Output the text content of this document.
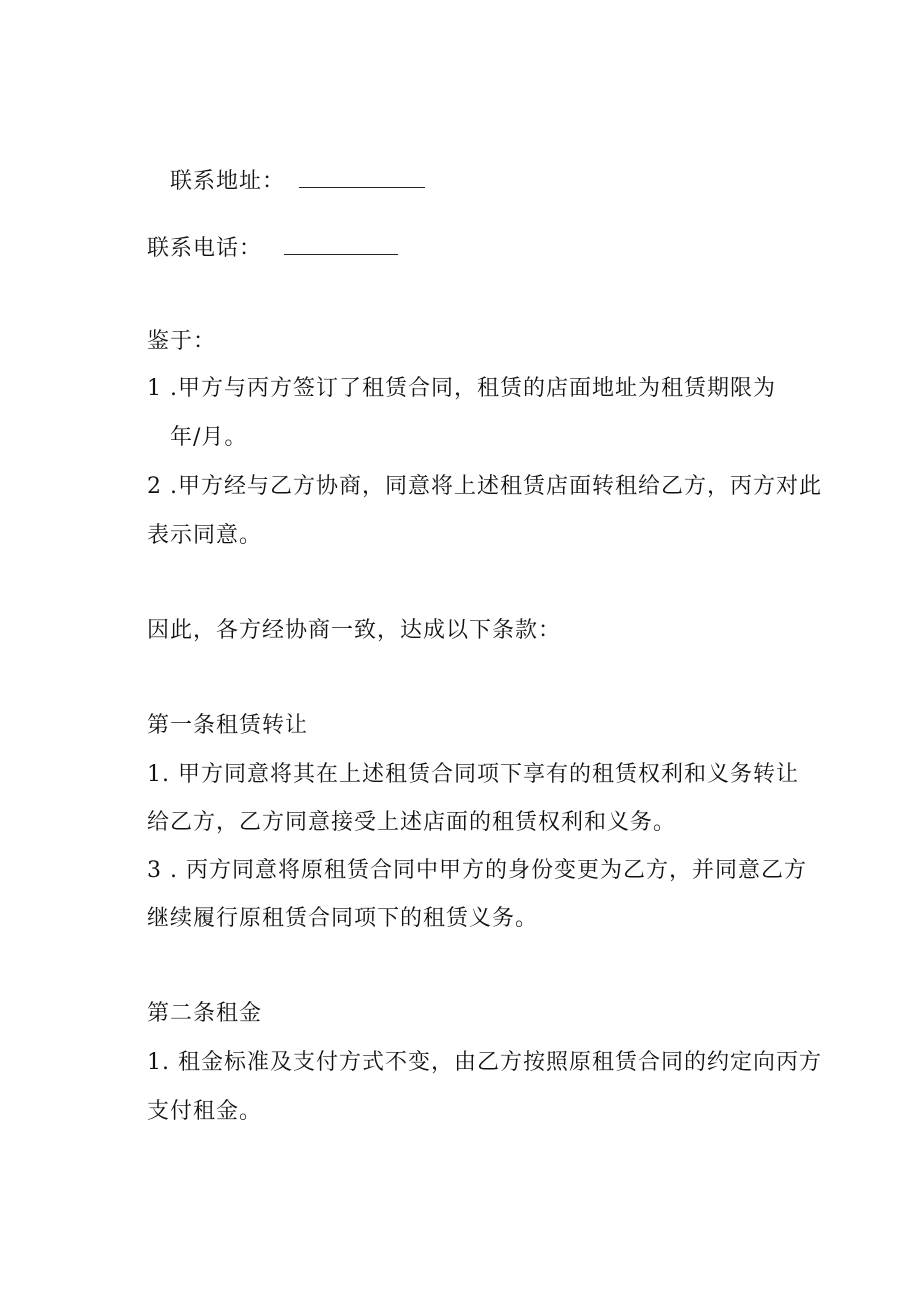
联系地址：
联系电话：
鉴于：
1 .甲方与丙方签订了租赁合同，租赁的店面地址为租赁期限为
年/月。
2 .甲方经与乙方协商，同意将上述租赁店面转租给乙方，丙方对此
表示同意。
因此，各方经协商一致，达成以下条款：
第一条租赁转让
1. 甲方同意将其在上述租赁合同项下享有的租赁权利和义务转让
给乙方，乙方同意接受上述店面的租赁权利和义务。
3 . 丙方同意将原租赁合同中甲方的身份变更为乙方，并同意乙方
继续履行原租赁合同项下的租赁义务。
第二条租金
1. 租金标准及支付方式不变，由乙方按照原租赁合同的约定向丙方
支付租金。
